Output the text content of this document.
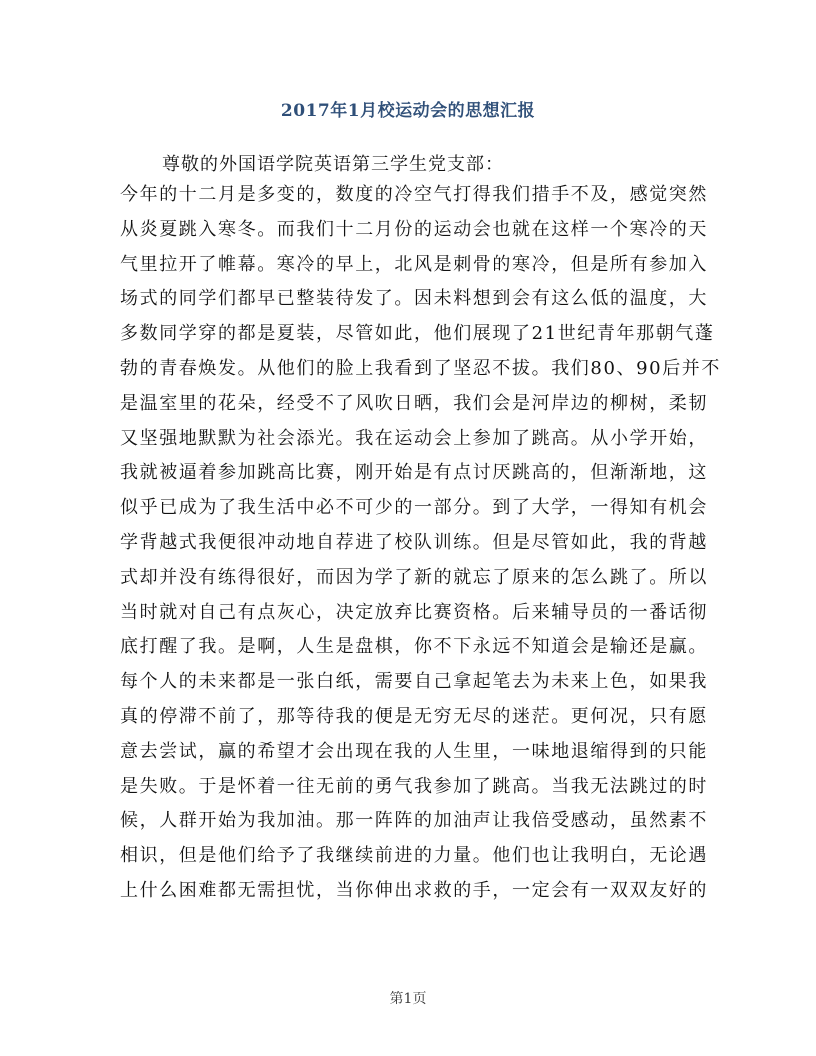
2017年1月校运动会的思想汇报
尊敬的外国语学院英语第三学生党支部：
今年的十二月是多变的，数度的冷空气打得我们措手不及，感觉突然
从炎夏跳入寒冬。而我们十二月份的运动会也就在这样一个寒冷的天
气里拉开了帷幕。寒冷的早上，北风是刺骨的寒冷，但是所有参加入
场式的同学们都早已整装待发了。因未料想到会有这么低的温度，大
多数同学穿的都是夏装，尽管如此，他们展现了21世纪青年那朝气蓬
勃的青春焕发。从他们的脸上我看到了坚忍不拔。我们80、90后并不
是温室里的花朵，经受不了风吹日晒，我们会是河岸边的柳树，柔韧
又坚强地默默为社会添光。我在运动会上参加了跳高。从小学开始，
我就被逼着参加跳高比赛，刚开始是有点讨厌跳高的，但渐渐地，这
似乎已成为了我生活中必不可少的一部分。到了大学，一得知有机会
学背越式我便很冲动地自荐进了校队训练。但是尽管如此，我的背越
式却并没有练得很好，而因为学了新的就忘了原来的怎么跳了。所以
当时就对自己有点灰心，决定放弃比赛资格。后来辅导员的一番话彻
底打醒了我。是啊，人生是盘棋，你不下永远不知道会是输还是赢。
每个人的未来都是一张白纸，需要自己拿起笔去为未来上色，如果我
真的停滞不前了，那等待我的便是无穷无尽的迷茫。更何况，只有愿
意去尝试，赢的希望才会出现在我的人生里，一味地退缩得到的只能
是失败。于是怀着一往无前的勇气我参加了跳高。当我无法跳过的时
候，人群开始为我加油。那一阵阵的加油声让我倍受感动，虽然素不
相识，但是他们给予了我继续前进的力量。他们也让我明白，无论遇
上什么困难都无需担忧，当你伸出求救的手，一定会有一双双友好的
第1页
